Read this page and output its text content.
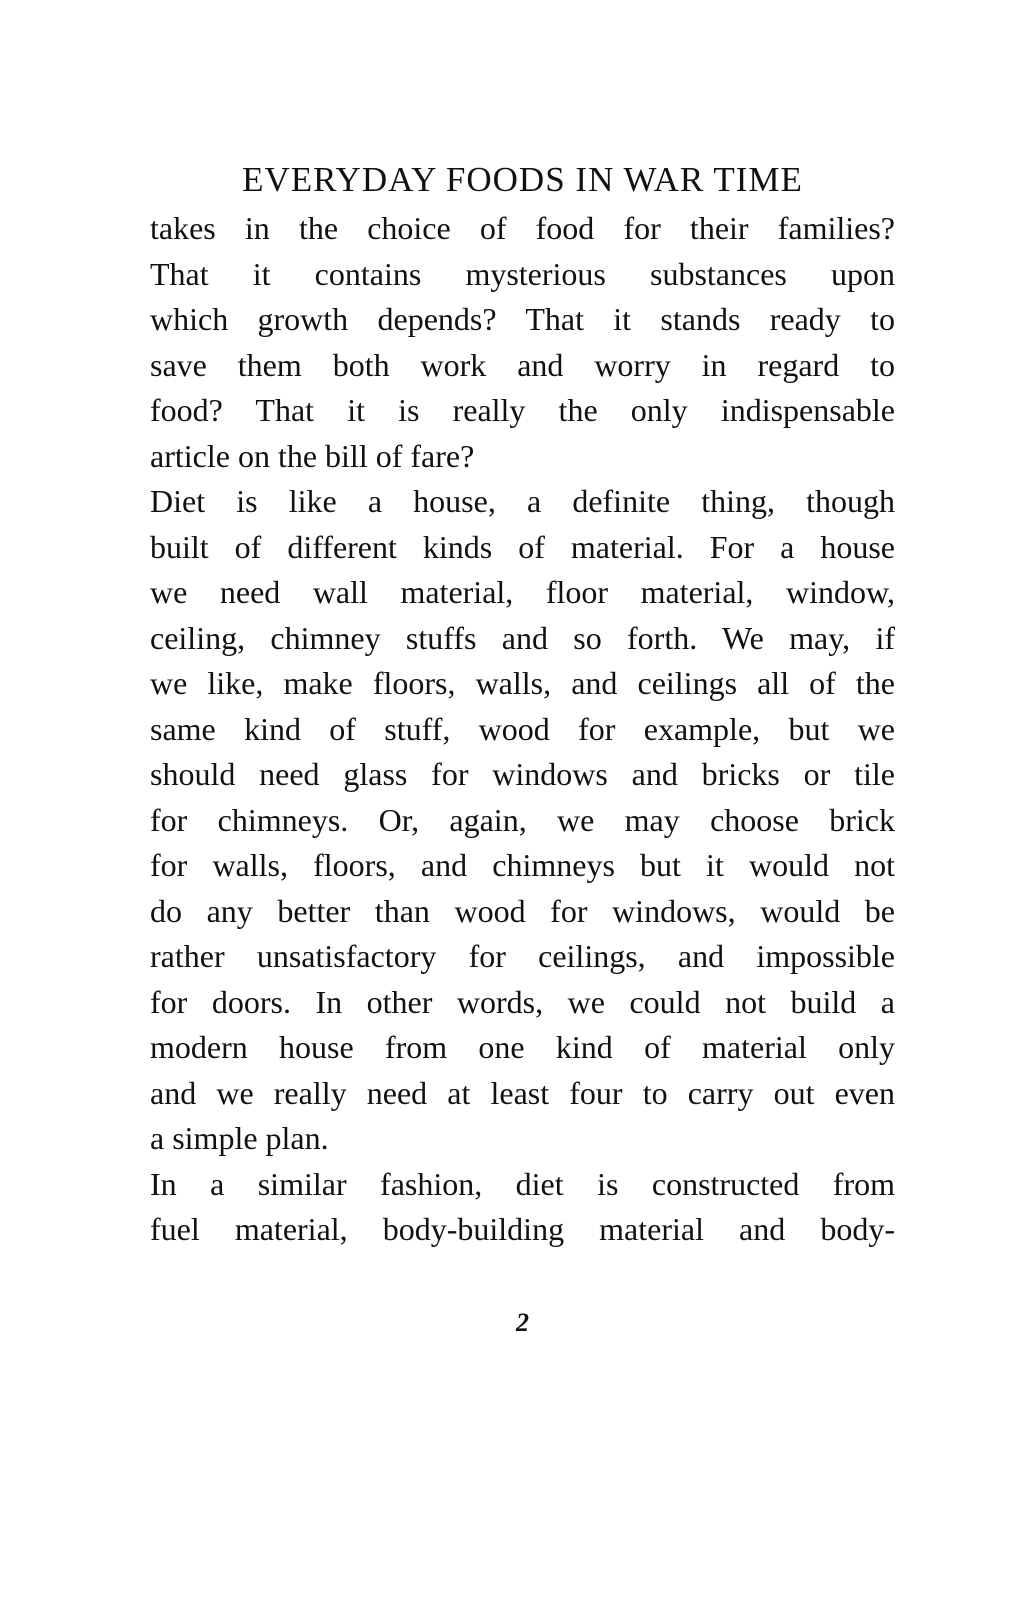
EVERYDAY FOODS IN WAR TIME
takes in the choice of food for their families?
That it contains mysterious substances upon
which growth depends? That it stands ready to
save them both work and worry in regard to
food? That it is really the only indispensable
article on the bill of fare?
Diet is like a house, a definite thing, though
built of different kinds of material. For a house
we need wall material, floor material, window,
ceiling, chimney stuffs and so forth. We may, if
we like, make floors, walls, and ceilings all of the
same kind of stuff, wood for example, but we
should need glass for windows and bricks or tile
for chimneys. Or, again, we may choose brick
for walls, floors, and chimneys but it would not
do any better than wood for windows, would be
rather unsatisfactory for ceilings, and impossible
for doors. In other words, we could not build a
modern house from one kind of material only
and we really need at least four to carry out even
a simple plan.
In a similar fashion, diet is constructed from
fuel material, body-building material and body-
2
